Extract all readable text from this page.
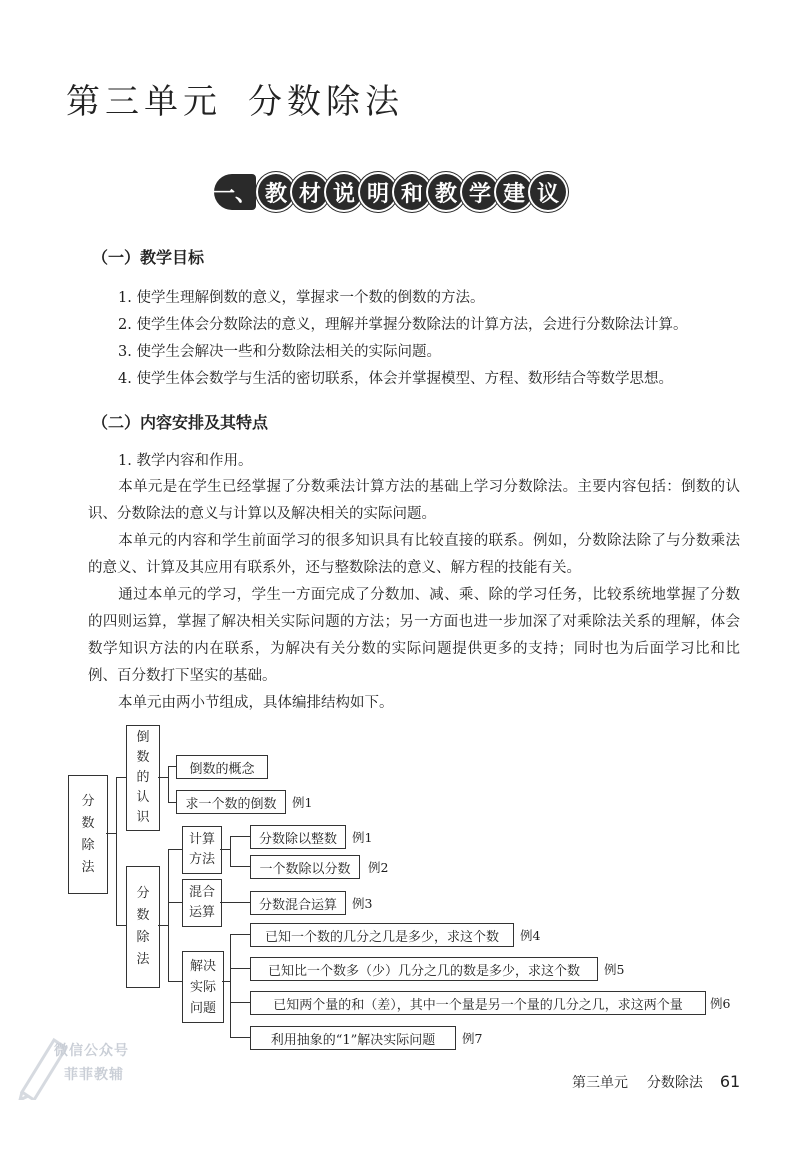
第三单元 分数除法
一、 教 材 说 明 和 教 学 建 议
（一）教学目标
1. 使学生理解倒数的意义，掌握求一个数的倒数的方法。
2. 使学生体会分数除法的意义，理解并掌握分数除法的计算方法，会进行分数除法计算。
3. 使学生会解决一些和分数除法相关的实际问题。
4. 使学生体会数学与生活的密切联系，体会并掌握模型、方程、数形结合等数学思想。
（二）内容安排及其特点
1. 教学内容和作用。
本单元是在学生已经掌握了分数乘法计算方法的基础上学习分数除法。主要内容包括：倒数的认识、分数除法的意义与计算以及解决相关的实际问题。
本单元的内容和学生前面学习的很多知识具有比较直接的联系。例如，分数除法除了与分数乘法的意义、计算及其应用有联系外，还与整数除法的意义、解方程的技能有关。
通过本单元的学习，学生一方面完成了分数加、减、乘、除的学习任务，比较系统地掌握了分数的四则运算，掌握了解决相关实际问题的方法；另一方面也进一步加深了对乘除法关系的理解，体会数学知识方法的内在联系，为解决有关分数的实际问题提供更多的支持；同时也为后面学习比和比例、百分数打下坚实的基础。
本单元由两小节组成，具体编排结构如下。
分数除法
倒数的认识
倒数的概念
求一个数的倒数	例1
分数除法
计算方法
分数除以整数	例1
一个数除以分数	例2
混合运算	分数混合运算	例3
解决实际问题
已知一个数的几分之几是多少，求这个数	例4
已知比一个数多（少）几分之几的数是多少，求这个数	例5
已知两个量的和（差），其中一个量是另一个量的几分之几，求这两个量	例6
利用抽象的“1”解决实际问题	例7
微信公众号
菲菲教辅	第三单元 分数除法 61
